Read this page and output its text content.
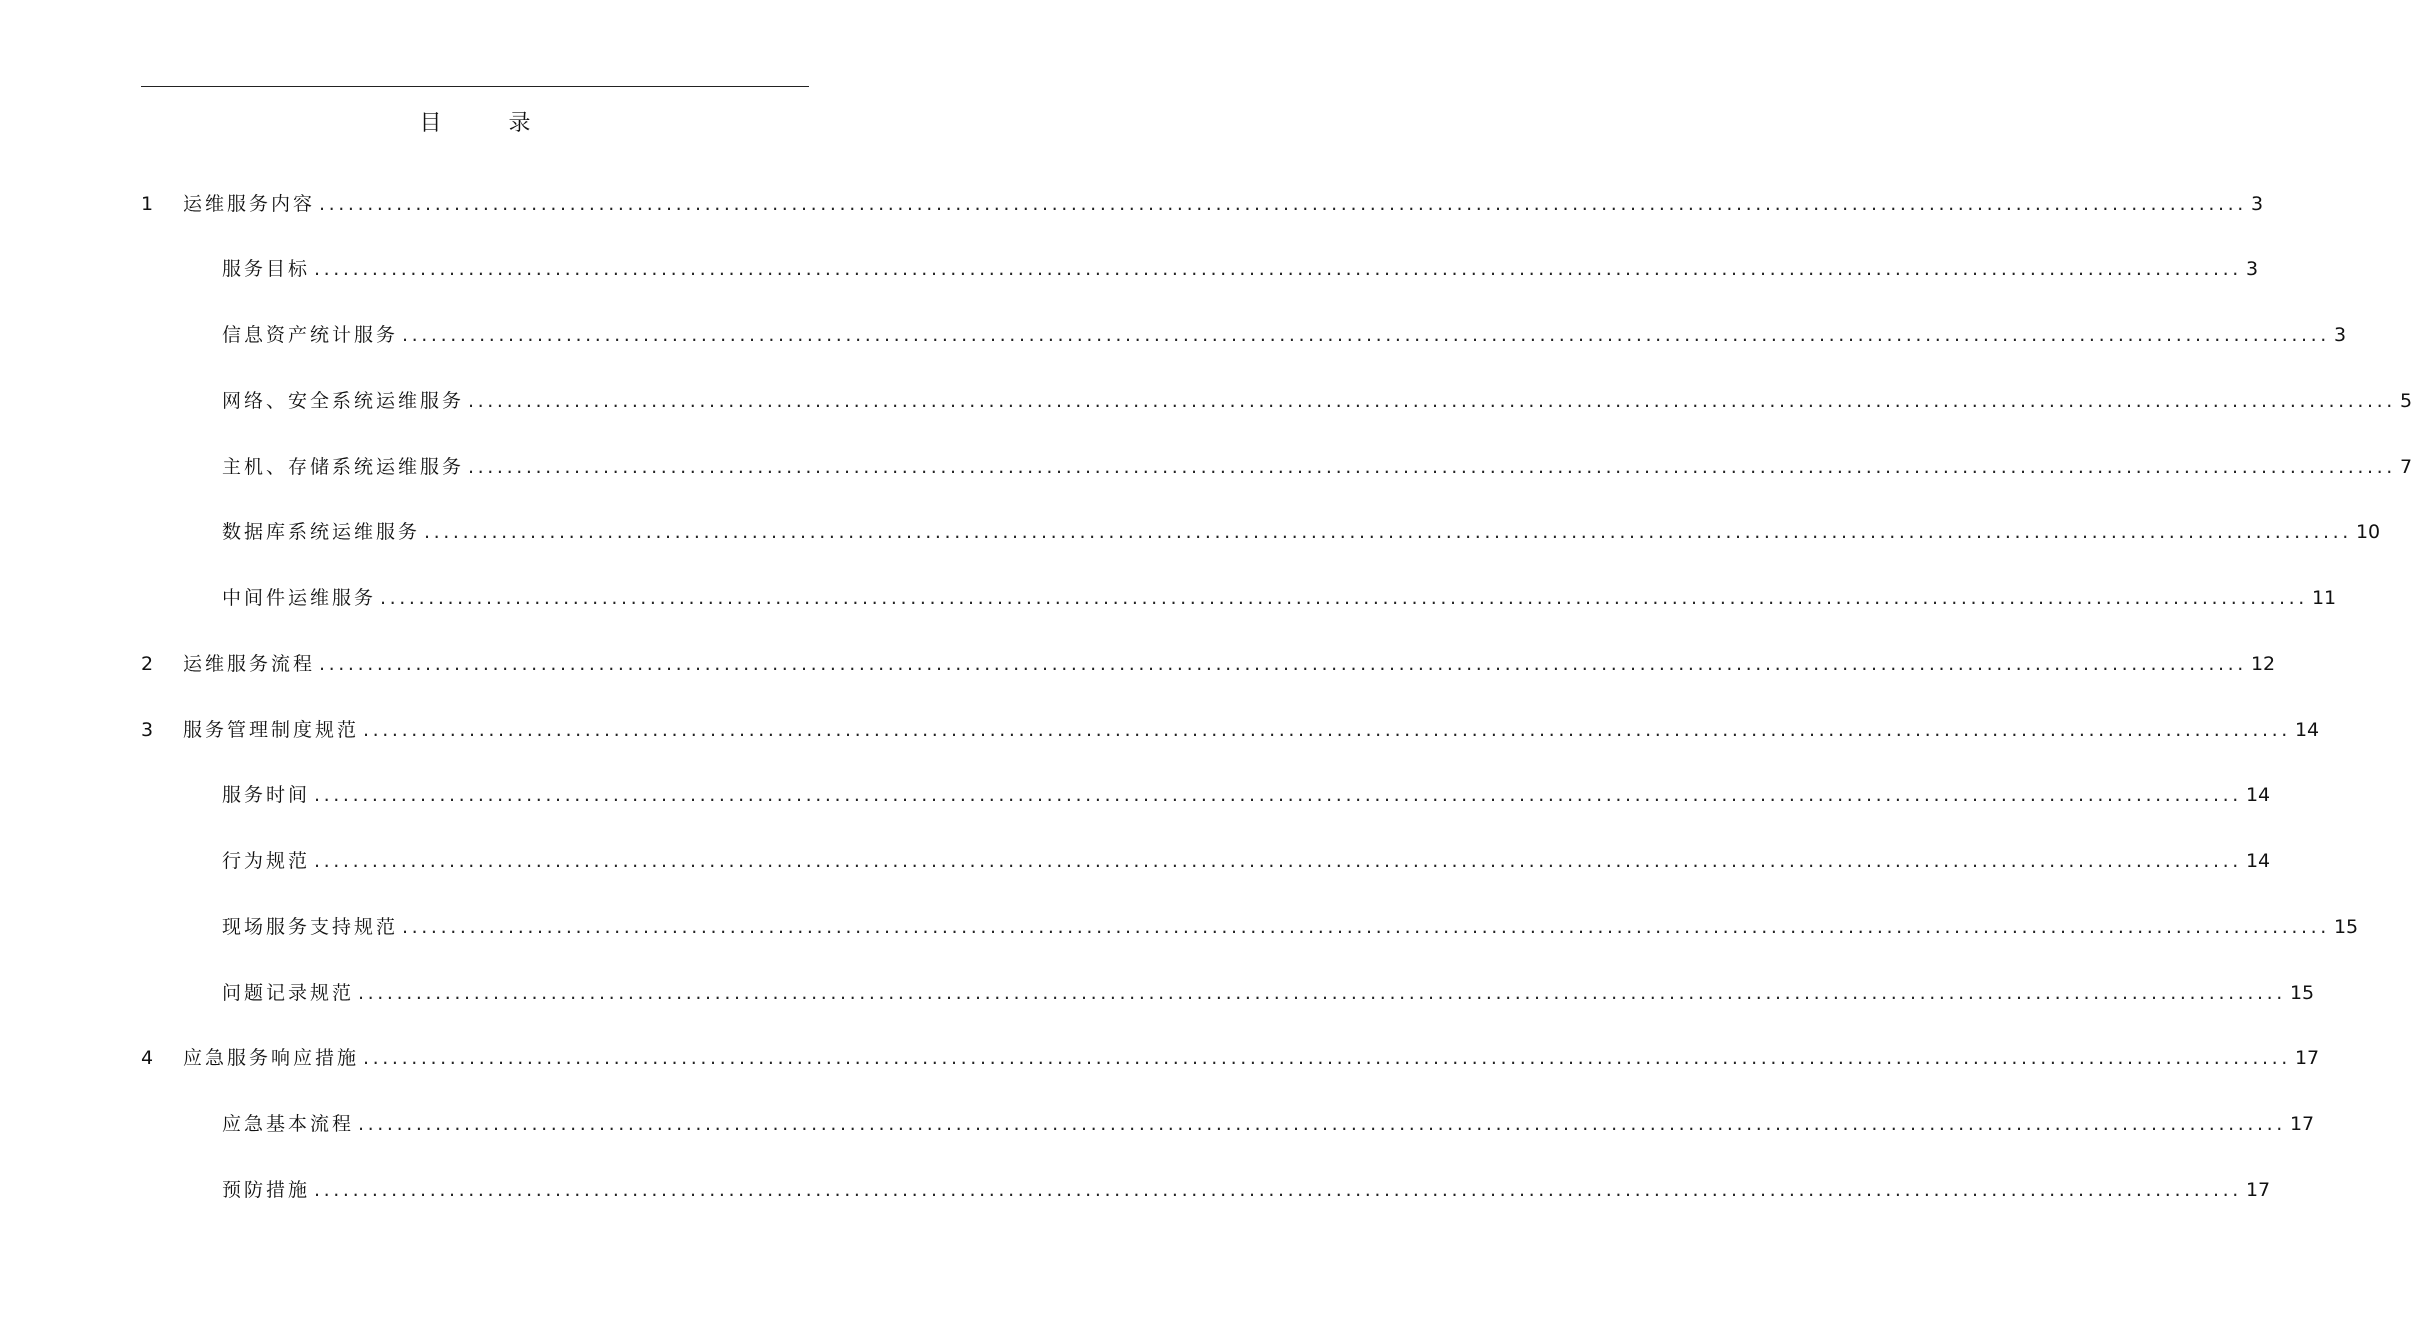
目 录
1	运维服务内容 ........................................................................................................................................................................................................ 3
服务目标 ........................................................................................................................................................................................................ 3
信息资产统计服务 ........................................................................................................................................................................................................ 3
网络、安全系统运维服务 ........................................................................................................................................................................................................ 5
主机、存储系统运维服务 ........................................................................................................................................................................................................ 7
数据库系统运维服务 ........................................................................................................................................................................................................ 10
中间件运维服务 ........................................................................................................................................................................................................ 11
2	运维服务流程 ........................................................................................................................................................................................................ 12
3	服务管理制度规范 ........................................................................................................................................................................................................ 14
服务时间 ........................................................................................................................................................................................................ 14
行为规范 ........................................................................................................................................................................................................ 14
现场服务支持规范 ........................................................................................................................................................................................................ 15
问题记录规范 ........................................................................................................................................................................................................ 15
4	应急服务响应措施 ........................................................................................................................................................................................................ 17
应急基本流程 ........................................................................................................................................................................................................ 17
预防措施 ........................................................................................................................................................................................................ 17
